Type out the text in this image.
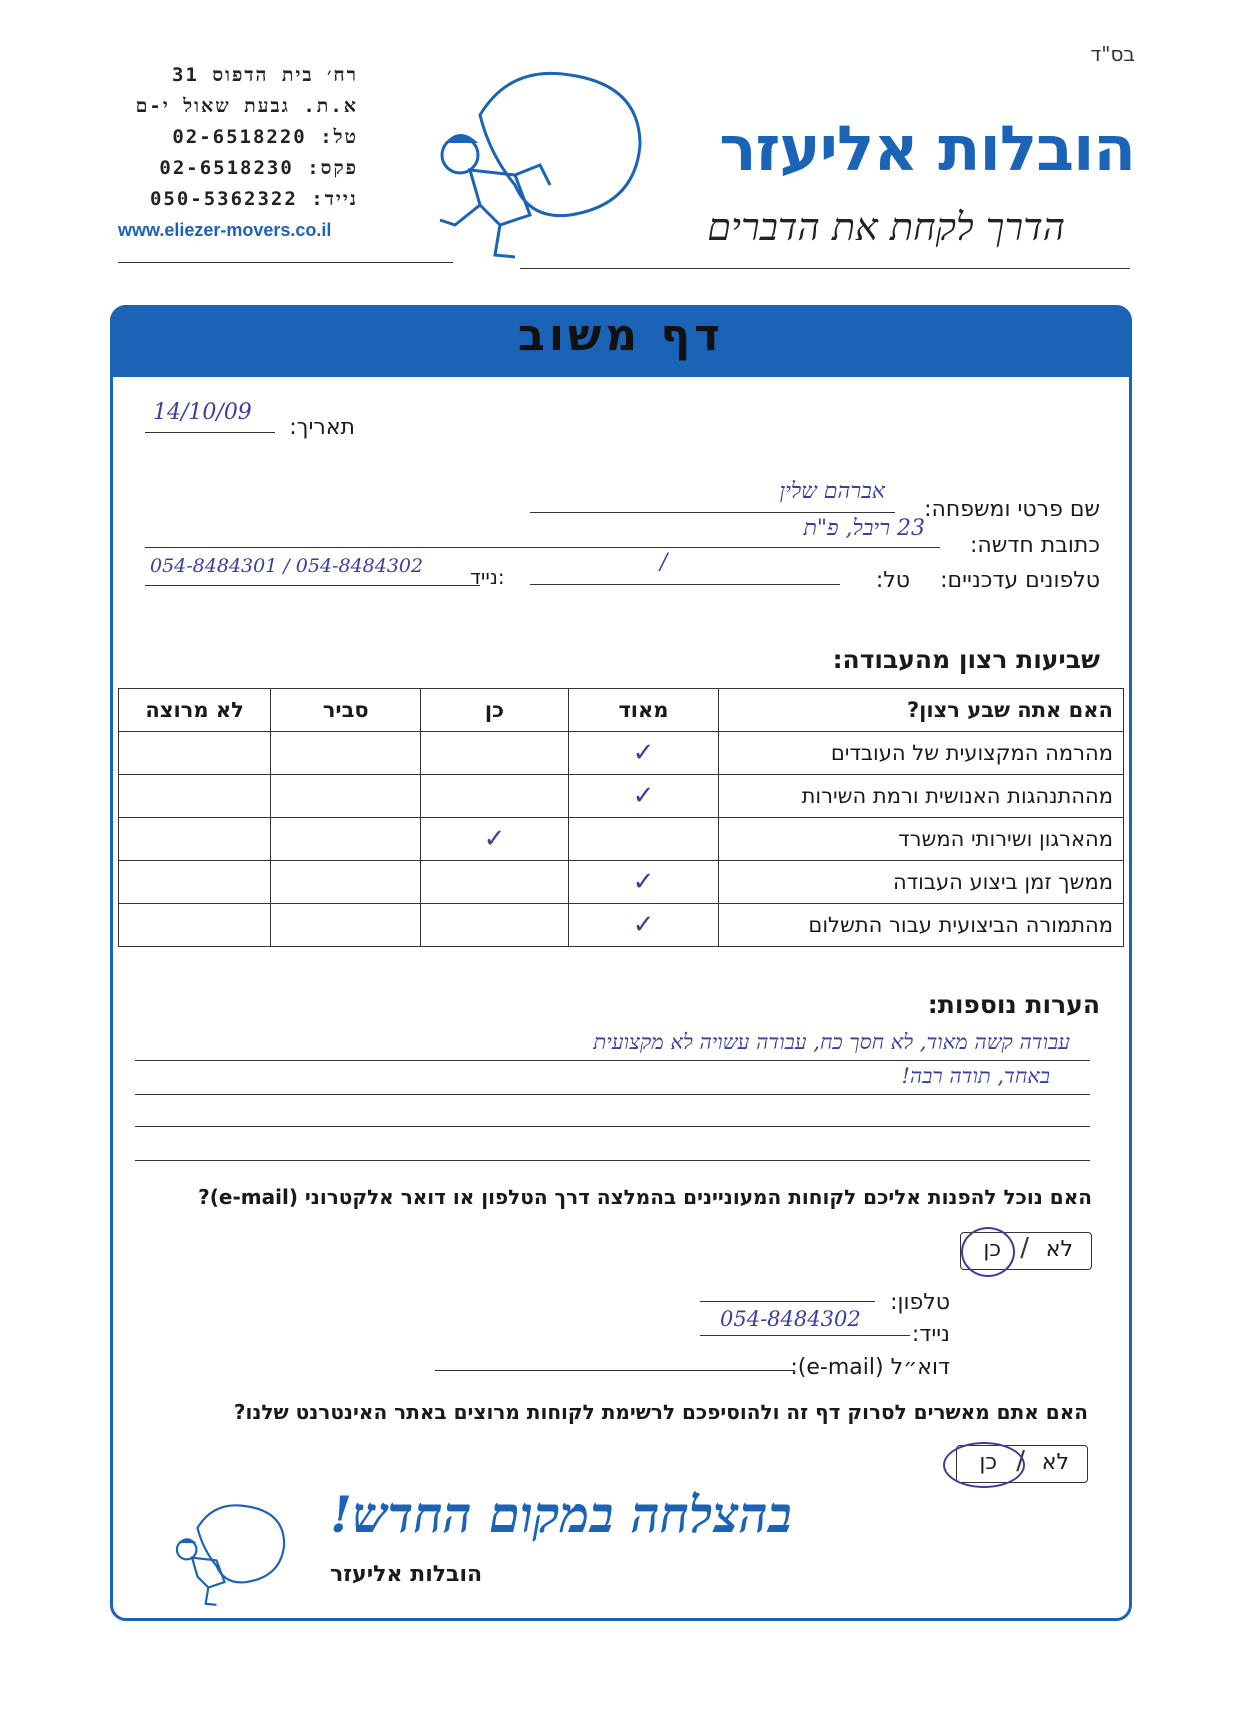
בס"ד
רח׳ בית הדפוס 31
א.ת. גבעת שאול י-ם
טל: 02-6518220
פקס: 02-6518230
נייד: 050-5362322
www.eliezer-movers.co.il
הובלות אליעזר
הדרך לקחת את הדברים
דף משוב
תאריך:
14/10/09
שם פרטי ומשפחה:
אברהם שלין
כתובת חדשה:
23 ריבל, פ"ת
טלפונים עדכניים:
טל:
/
054-8484301 / 054-8484302 :נייד
שביעות רצון מהעבודה:
האם אתה שבע רצון?	מאוד	כן	סביר	לא מרוצה
מהרמה המקצועית של העובדים	✓			
מההתנהגות האנושית ורמת השירות	✓			
מהארגון ושירותי המשרד		✓		
ממשך זמן ביצוע העבודה	✓			
מהתמורה הביצועית עבור התשלום	✓			
הערות נוספות:
עבודה קשה מאוד, לא חסך כח, עבודה עשויה לא מקצועית
באחד, תודה רבה!
האם נוכל להפנות אליכם לקוחות המעוניינים בהמלצה דרך הטלפון או דואר אלקטרוני (e-mail)?
לא
/
כן
טלפון:
נייד:
054-8484302
דוא״ל (e-mail):
האם אתם מאשרים לסרוק דף זה ולהוסיפכם לרשימת לקוחות מרוצים באתר האינטרנט שלנו?
לא
/
כן
בהצלחה במקום החדש!
הובלות אליעזר
